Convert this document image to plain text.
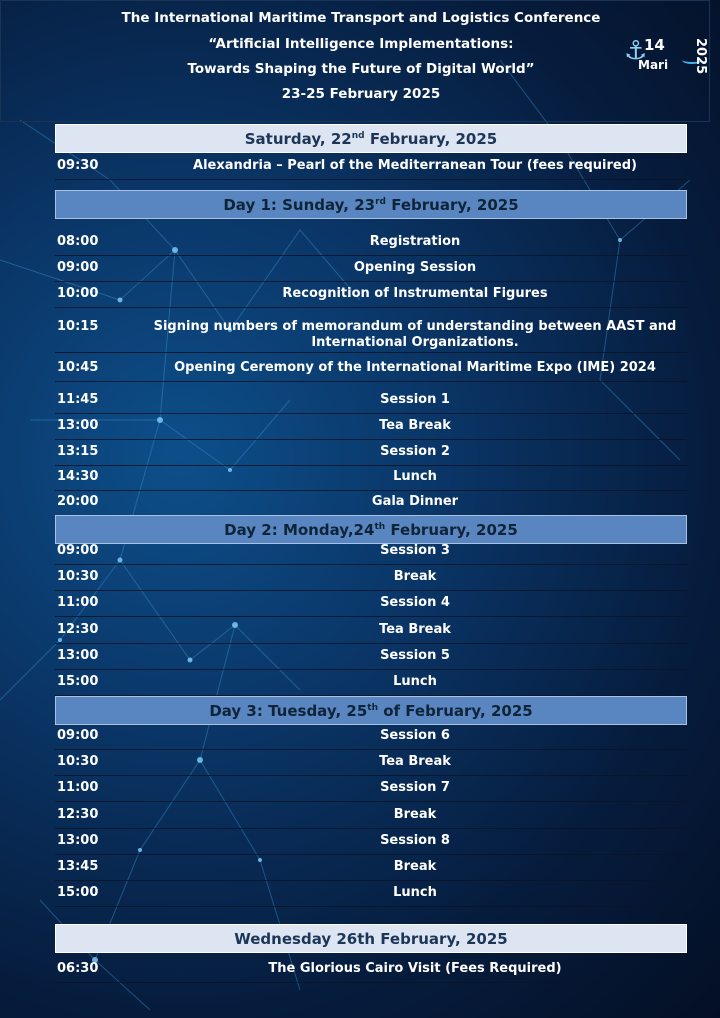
The International Maritime Transport and Logistics Conference
“Artificial Intelligence Implementations:
Towards Shaping the Future of Digital World”
23-25 February 2025
⚓
14
Mari 2025
Saturday, 22nd February, 2025
09:30	Alexandria – Pearl of the Mediterranean Tour (fees required)
Day 1: Sunday, 23rd February, 2025
08:00	Registration
09:00	Opening Session
10:00	Recognition of Instrumental Figures
10:15	Signing numbers of memorandum of understanding between AAST and International Organizations.
10:45	Opening Ceremony of the International Maritime Expo (IME) 2024
11:45	Session 1
13:00	Tea Break
13:15	Session 2
14:30	Lunch
20:00	Gala Dinner
Day 2: Monday,24th February, 2025
09:00	Session 3
10:30	Break
11:00	Session 4
12:30	Tea Break
13:00	Session 5
15:00	Lunch
Day 3: Tuesday, 25th of February, 2025
09:00	Session 6
10:30	Tea Break
11:00	Session 7
12:30	Break
13:00	Session 8
13:45	Break
15:00	Lunch
Wednesday 26th February, 2025
06:30	The Glorious Cairo Visit (Fees Required)
